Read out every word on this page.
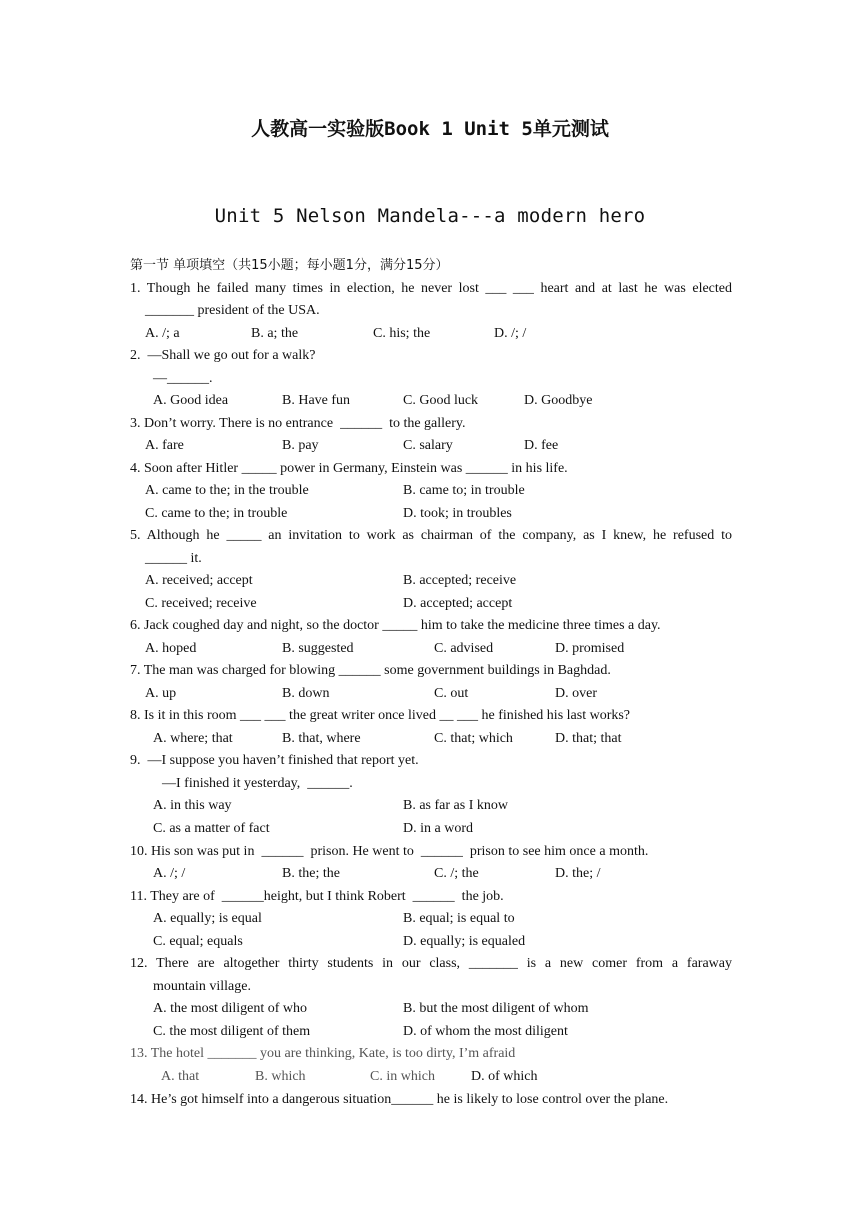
人教高一实验版Book 1 Unit 5单元测试
Unit 5 Nelson Mandela---a modern hero
第一节 单项填空（共15小题；每小题1分，满分15分）
1. Though he failed many times in election, he never lost ___ ___ heart and at last he was elected
_______ president of the USA.
A. /; a	B. a; the	C. his; the	D. /; /
2.  —Shall we go out for a walk?
—______.
A. Good idea	B. Have fun	C. Good luck	D. Goodbye
3. Don’t worry. There is no entrance  ______  to the gallery.
A. fare	B. pay	C. salary	D. fee
4. Soon after Hitler _____ power in Germany, Einstein was ______ in his life.
A. came to the; in the trouble	B. came to; in trouble
C. came to the; in trouble	D. took; in troubles
5. Although he _____ an invitation to work as chairman of the company, as I knew, he refused to
______ it.
A. received; accept	B. accepted; receive
C. received; receive	D. accepted; accept
6. Jack coughed day and night, so the doctor _____ him to take the medicine three times a day.
A. hoped	B. suggested	C. advised	D. promised
7. The man was charged for blowing ______ some government buildings in Baghdad.
A. up	B. down	C. out	D. over
8. Is it in this room ___ ___ the great writer once lived __ ___ he finished his last works?
A. where; that	B. that, where	C. that; which	D. that; that
9.  —I suppose you haven’t finished that report yet.
—I finished it yesterday,  ______.
A. in this way	B. as far as I know
C. as a matter of fact	D. in a word
10. His son was put in  ______  prison. He went to  ______  prison to see him once a month.
A. /; /	B. the; the	C. /; the	D. the; /
11. They are of  ______height, but I think Robert  ______  the job.
A. equally; is equal	B. equal; is equal to
C. equal; equals	D. equally; is equaled
12. There are altogether thirty students in our class, _______ is a new comer from a faraway
mountain village.
A. the most diligent of who	B. but the most diligent of whom
C. the most diligent of them	D. of whom the most diligent
13. The hotel _______ you are thinking, Kate, is too dirty, I’m afraid
A. that	B. which	C. in which	D. of which
14. He’s got himself into a dangerous situation______ he is likely to lose control over the plane.
